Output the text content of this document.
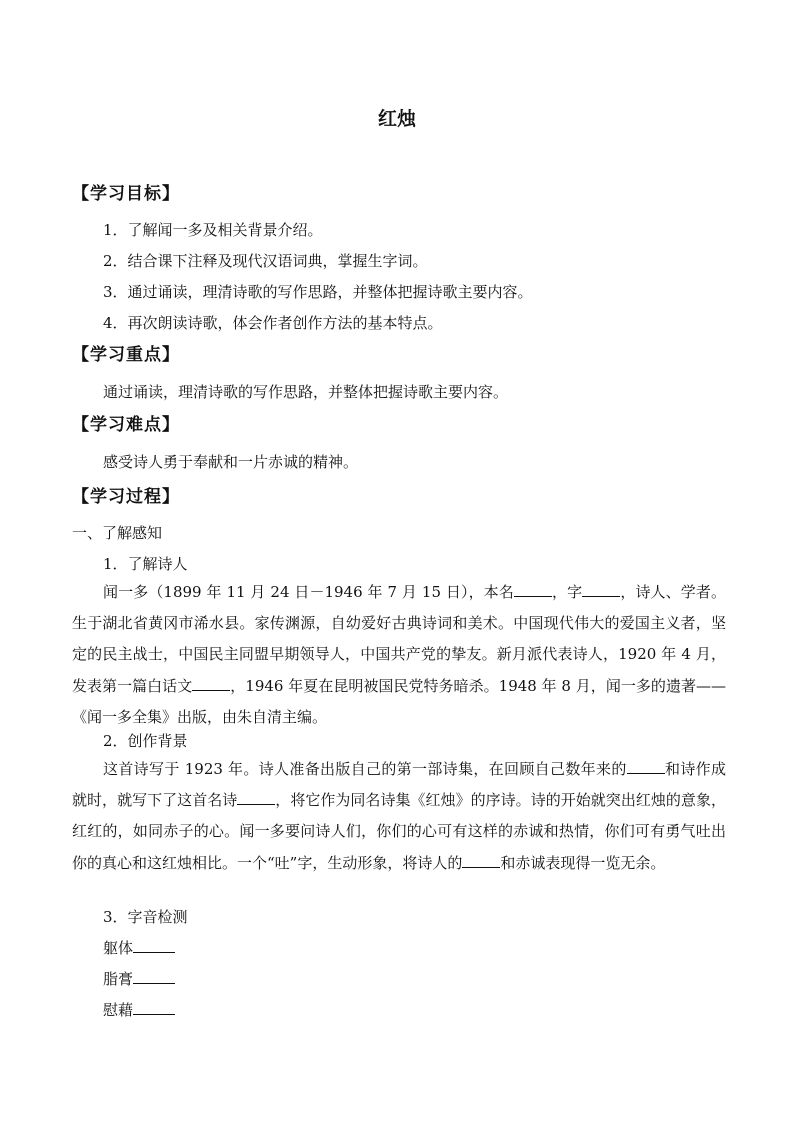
红烛
【学习目标】
1．了解闻一多及相关背景介绍。
2．结合课下注释及现代汉语词典，掌握生字词。
3．通过诵读，理清诗歌的写作思路，并整体把握诗歌主要内容。
4．再次朗读诗歌，体会作者创作方法的基本特点。
【学习重点】
通过诵读，理清诗歌的写作思路，并整体把握诗歌主要内容。
【学习难点】
感受诗人勇于奉献和一片赤诚的精神。
【学习过程】
一、了解感知
1．了解诗人
闻一多（1899 年 11 月 24 日－1946 年 7 月 15 日），本名	，字	，诗人、学者。生于湖北省黄冈市浠水县。家传渊源，自幼爱好古典诗词和美术。中国现代伟大的爱国主义者，坚定的民主战士，中国民主同盟早期领导人，中国共产党的挚友。新月派代表诗人，1920 年 4 月，发表第一篇白话文	，1946 年夏在昆明被国民党特务暗杀。1948 年 8 月，闻一多的遗著——《闻一多全集》出版，由朱自清主编。
2．创作背景
这首诗写于 1923 年。诗人准备出版自己的第一部诗集，在回顾自己数年来的	和诗作成就时，就写下了这首名诗	，将它作为同名诗集《红烛》的序诗。诗的开始就突出红烛的意象，红红的，如同赤子的心。闻一多要问诗人们，你们的心可有这样的赤诚和热情，你们可有勇气吐出你的真心和这红烛相比。一个“吐”字，生动形象，将诗人的	和赤诚表现得一览无余。
3．字音检测
躯体
脂膏
慰藉
